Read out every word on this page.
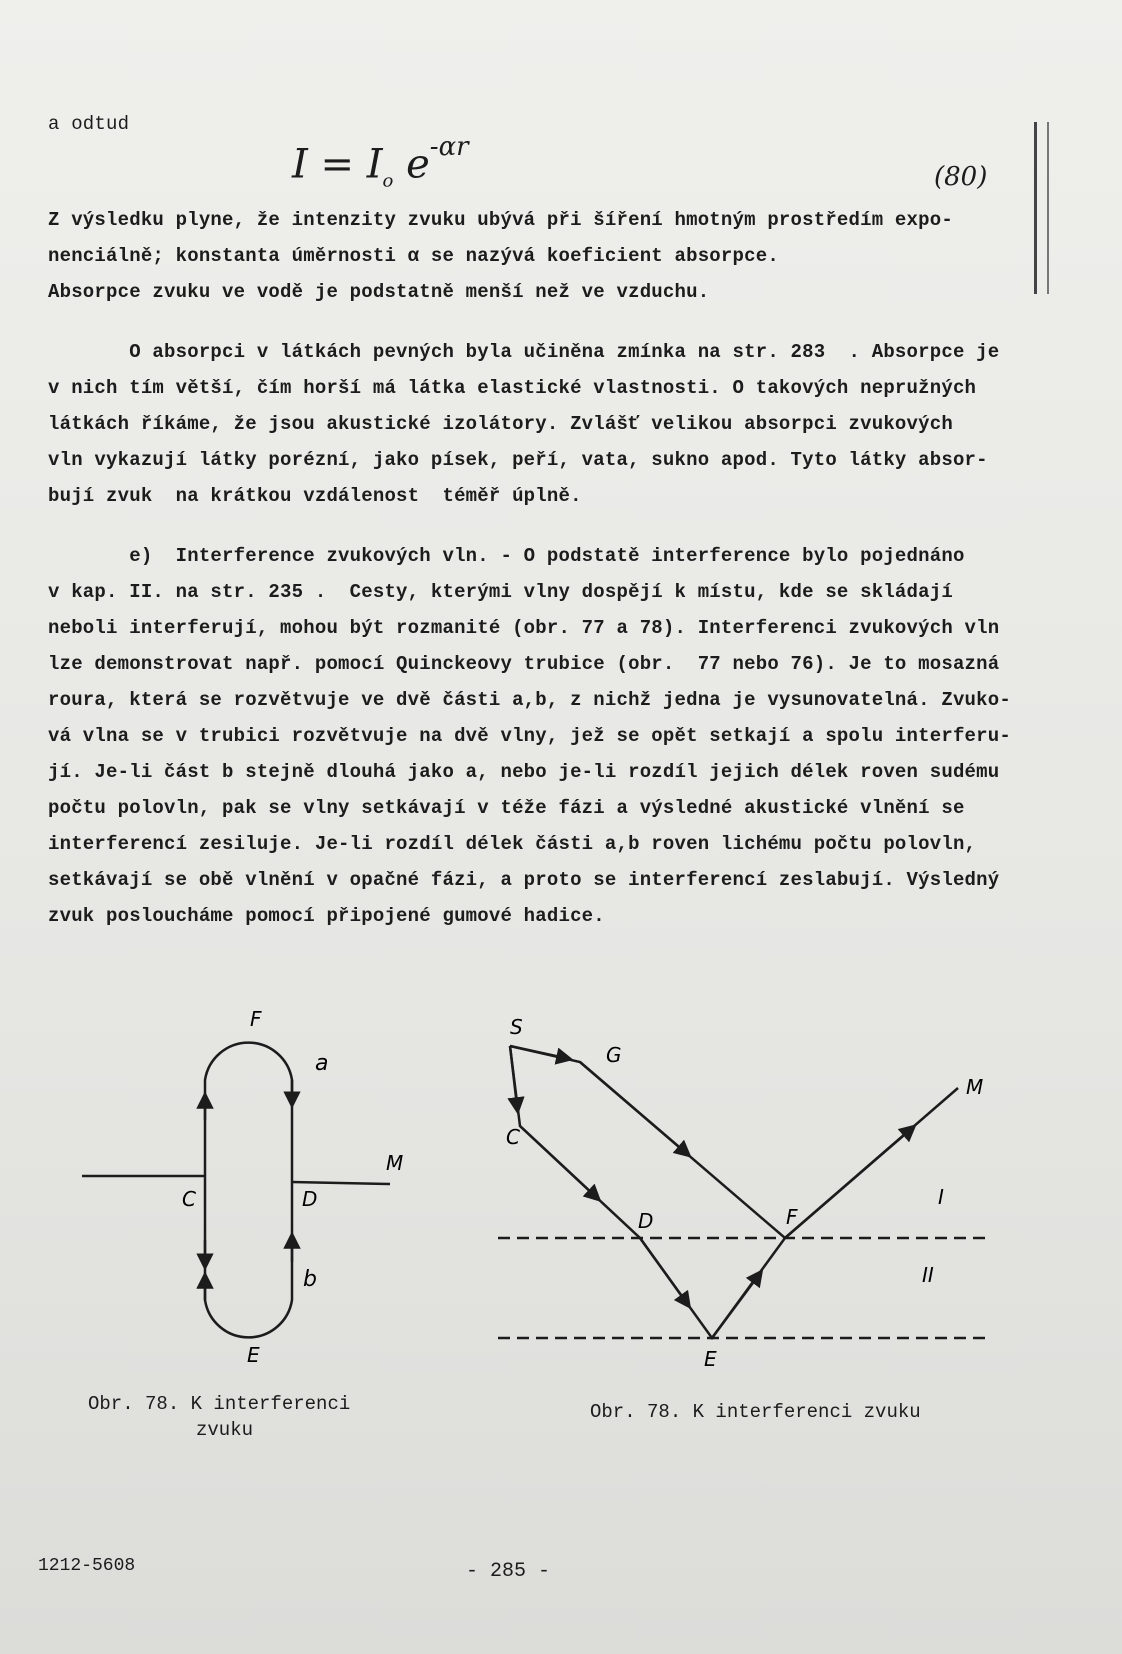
a odtud
$I = I_o$ $e^{-\alpha r}$
(80)
Z výsledku plyne, že intenzity zvuku ubývá při šíření hmotným prostředím expo-
nenciálně; konstanta úměrnosti α se nazývá koeficient absorpce.
Absorpce zvuku ve vodě je podstatně menší než ve vzduchu.
O absorpci v látkách pevných byla učiněna zmínka na str. 283  . Absorpce je
v nich tím větší, čím horší má látka elastické vlastnosti. O takových nepružných
látkách říkáme, že jsou akustické izolátory. Zvlášť velikou absorpci zvukových
vln vykazují látky porézní, jako písek, peří, vata, sukno apod. Tyto látky absor-
bují zvuk  na krátkou vzdálenost  téměř úplně.
e)  Interference zvukových vln. - O podstatě interference bylo pojednáno
v kap. II. na str. 235 .  Cesty, kterými vlny dospějí k místu, kde se skládají
neboli interferují, mohou být rozmanité (obr. 77 a 78). Interferenci zvukových vln
lze demonstrovat např. pomocí Quinckeovy trubice (obr.  77 nebo 76). Je to mosazná
roura, která se rozvětvuje ve dvě části a,b, z nichž jedna je vysunovatelná. Zvuko-
vá vlna se v trubici rozvětvuje na dvě vlny, jež se opět setkají a spolu interferu-
jí. Je-li část b stejně dlouhá jako a, nebo je-li rozdíl jejich délek roven sudému
počtu polovln, pak se vlny setkávají v téže fázi a výsledné akustické vlnění se
interferencí zesiluje. Je-li rozdíl délek části a,b roven lichému počtu polovln,
setkávají se obě vlnění v opačné fázi, a proto se interferencí zeslabují. Výsledný
zvuk posloucháme pomocí připojené gumové hadice.
F
a
C	D
M
b
E
Obr. 78. K interferenci
zvuku
S
G
C
D	F
M
E
I
II
Obr. 78. K interferenci zvuku
1212-5608	- 285 -
